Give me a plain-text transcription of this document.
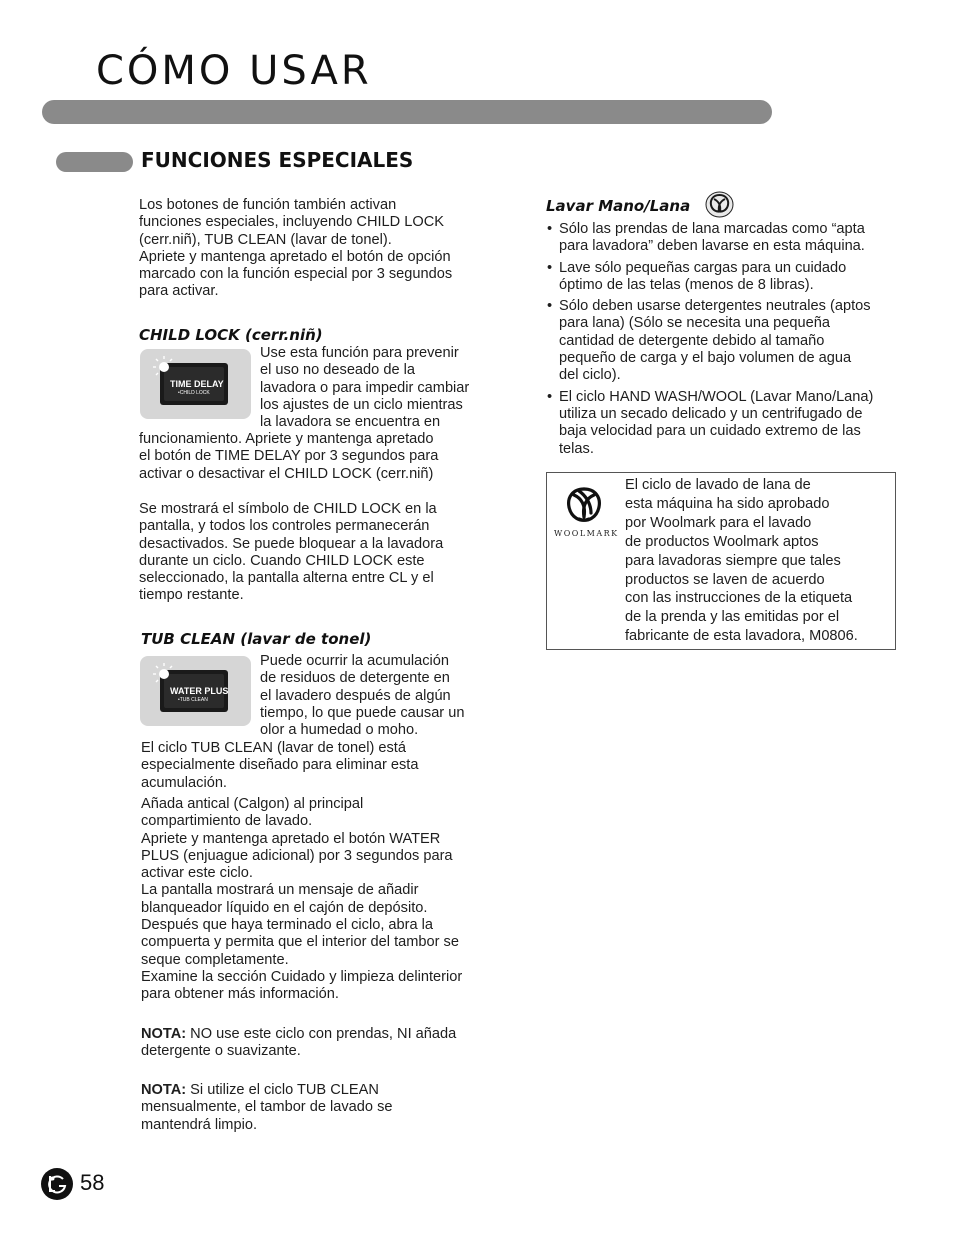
CÓMO USAR
FUNCIONES ESPECIALES
Los botones de función también activan
funciones especiales, incluyendo CHILD LOCK
(cerr.niñ), TUB CLEAN (lavar de tonel).
Apriete y mantenga apretado el botón de opción
marcado con la función especial por 3 segundos
para activar.
CHILD LOCK (cerr.niñ)
TIME DELAY
•CHILD LOCK
Use esta función para prevenir
el uso no deseado de la
lavadora o para impedir cambiar
los ajustes de un ciclo mientras
la lavadora se encuentra en
funcionamiento. Apriete y mantenga apretado
el botón de TIME DELAY por 3 segundos para
activar o desactivar el CHILD LOCK (cerr.niñ)
Se mostrará el símbolo de CHILD LOCK en la
pantalla, y todos los controles permanecerán
desactivados. Se puede bloquear a la lavadora
durante un ciclo. Cuando CHILD LOCK este
seleccionado, la pantalla alterna entre CL y el
tiempo restante.
TUB CLEAN (lavar de tonel)
WATER PLUS
•TUB CLEAN
Puede ocurrir la acumulación
de residuos de detergente en
el lavadero después de algún
tiempo, lo que puede causar un
olor a humedad o moho.
El ciclo TUB CLEAN (lavar de tonel) está
especialmente diseñado para eliminar esta
acumulación.
Añada antical (Calgon) al principal
compartimiento de lavado.
Apriete y mantenga apretado el botón WATER
PLUS (enjuague adicional) por 3 segundos para
activar este ciclo.
La pantalla mostrará un mensaje de añadir
blanqueador líquido en el cajón de depósito.
Después que haya terminado el ciclo, abra la
compuerta y permita que el interior del tambor se
seque completamente.
Examine la sección Cuidado y limpieza delinterior
para obtener más información.
NOTA: NO use este ciclo con prendas, NI añada
detergente o suavizante.
NOTA: Si utilize el ciclo TUB CLEAN
mensualmente, el tambor de lavado se
mantendrá limpio.
Lavar Mano/Lana
• Sólo las prendas de lana marcadas como “apta
para lavadora” deben lavarse en esta máquina.
• Lave sólo pequeñas cargas para un cuidado
óptimo de las telas (menos de 8 libras).
• Sólo deben usarse detergentes neutrales (aptos
para lana) (Sólo se necesita una pequeña
cantidad de detergente debido al tamaño
pequeño de carga y el bajo volumen de agua
del ciclo).
• El ciclo HAND WASH/WOOL (Lavar Mano/Lana)
utiliza un secado delicado y un centrifugado de
baja velocidad para un cuidado extremo de las
telas.
WOOLMARK
El ciclo de lavado de lana de
esta máquina ha sido aprobado
por Woolmark para el lavado
de productos Woolmark aptos
para lavadoras siempre que tales
productos se laven de acuerdo
con las instrucciones de la etiqueta
de la prenda y las emitidas por el
fabricante de esta lavadora, M0806.

58
